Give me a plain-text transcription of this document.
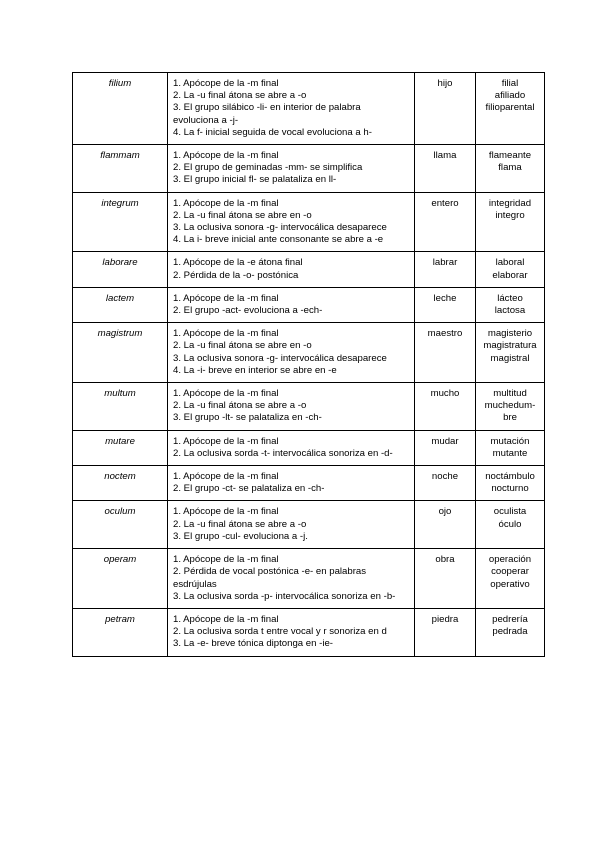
filium	1. Apócope de la -m final
2. La -u final átona se abre a -o
3. El grupo silábico -li- en interior de palabra evoluciona a -j-
4. La f- inicial seguida de vocal evoluciona a h-	hijo	filial
afiliado
filioparental

flammam	1. Apócope de la -m final
2. El grupo de geminadas -mm- se simplifica
3. El grupo inicial fl- se palataliza en ll-	llama	flameante
flama

integrum	1. Apócope de la -m final
2. La -u final átona se abre en -o
3. La oclusiva sonora -g- intervocálica desaparece
4. La i- breve inicial ante consonante se abre a -e	entero	integridad
integro

laborare	1. Apócope de la -e átona final
2. Pérdida de la -o- postónica	labrar	laboral
elaborar

lactem	1. Apócope de la -m final
2. El grupo -act- evoluciona a -ech-	leche	lácteo
lactosa

magistrum	1. Apócope de la -m final
2. La -u final átona se abre en -o
3. La oclusiva sonora -g- intervocálica desaparece
4. La -i- breve en interior se abre en -e	maestro	magisterio
magistratura
magistral

multum	1. Apócope de la -m final
2. La -u final átona se abre a -o
3. El grupo -lt- se palataliza en -ch-	mucho	multitud
muchedum-
bre

mutare	1. Apócope de la -m final
2. La oclusiva sorda -t- intervocálica sonoriza en -d-	mudar	mutación
mutante

noctem	1. Apócope de la -m final
2. El grupo -ct- se palataliza en -ch-	noche	noctámbulo
nocturno

oculum	1. Apócope de la -m final
2. La -u final átona se abre a -o
3. El grupo -cul- evoluciona a -j.	ojo	oculista
óculo

operam	1. Apócope de la -m final
2. Pérdida de vocal postónica -e- en palabras esdrújulas
3. La oclusiva sorda -p- intervocálica sonoriza en -b-	obra	operación
cooperar
operativo

petram	1. Apócope de la -m final
2. La oclusiva sorda t entre vocal y r sonoriza en d
3. La -e- breve tónica diptonga en -ie-	piedra	pedrería
pedrada
